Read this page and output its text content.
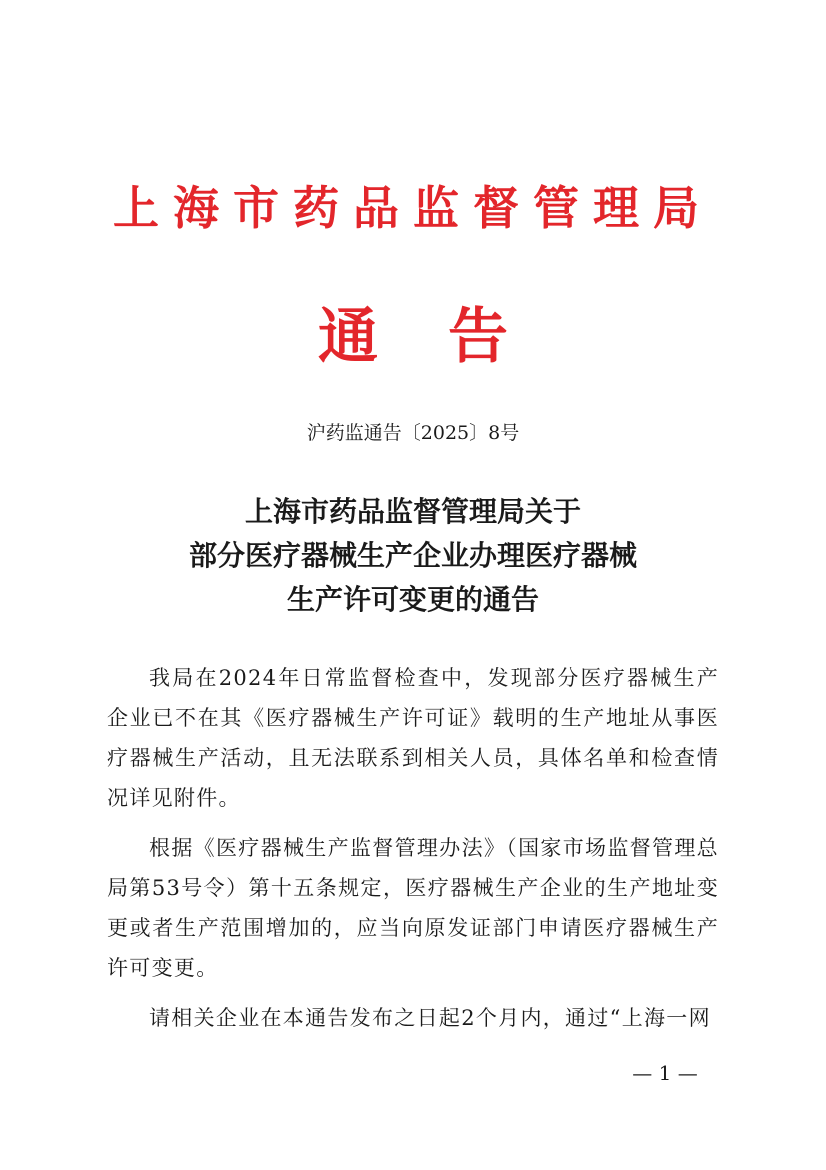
上海市药品监督管理局
通告
沪药监通告〔2025〕8号
上海市药品监督管理局关于
部分医疗器械生产企业办理医疗器械
生产许可变更的通告

我局在2024年日常监督检查中，发现部分医疗器械生产企业已不在其《医疗器械生产许可证》载明的生产地址从事医疗器械生产活动，且无法联系到相关人员，具体名单和检查情况详见附件。

根据《医疗器械生产监督管理办法》（国家市场监督管理总局第53号令）第十五条规定，医疗器械生产企业的生产地址变更或者生产范围增加的，应当向原发证部门申请医疗器械生产许可变更。

请相关企业在本通告发布之日起2个月内，通过“上海一网

— 1 —
